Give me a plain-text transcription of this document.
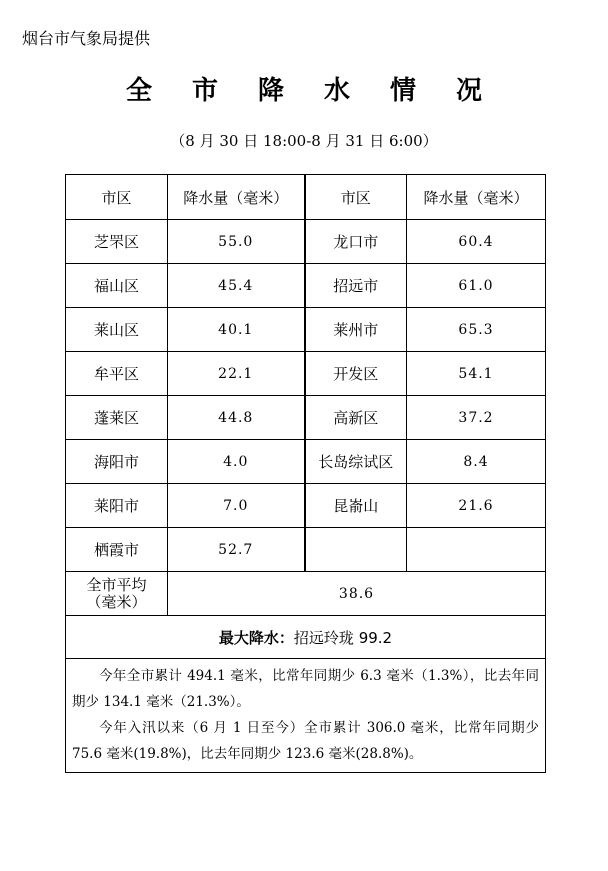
烟台市气象局提供
全 市 降 水 情 况
（8 月 30 日 18:00-8 月 31 日 6:00）
市区	降水量（毫米）	市区	降水量（毫米）
芝罘区	55.0	龙口市	60.4
福山区	45.4	招远市	61.0
莱山区	40.1	莱州市	65.3
牟平区	22.1	开发区	54.1
蓬莱区	44.8	高新区	37.2
海阳市	4.0	长岛综试区	8.4
莱阳市	7.0	昆嵛山	21.6
栖霞市	52.7		

全市平均
（毫米）	38.6		
最大降水：招远玲珑 99.2			

今年全市累计 494.1 毫米，比常年同期少 6.3 毫米（1.3%），比去年同期少 134.1 毫米（21.3%）。

今年入汛以来（6 月 1 日至今）全市累计 306.0 毫米，比常年同期少 75.6 毫米(19.8%)，比去年同期少 123.6 毫米(28.8%)。			
